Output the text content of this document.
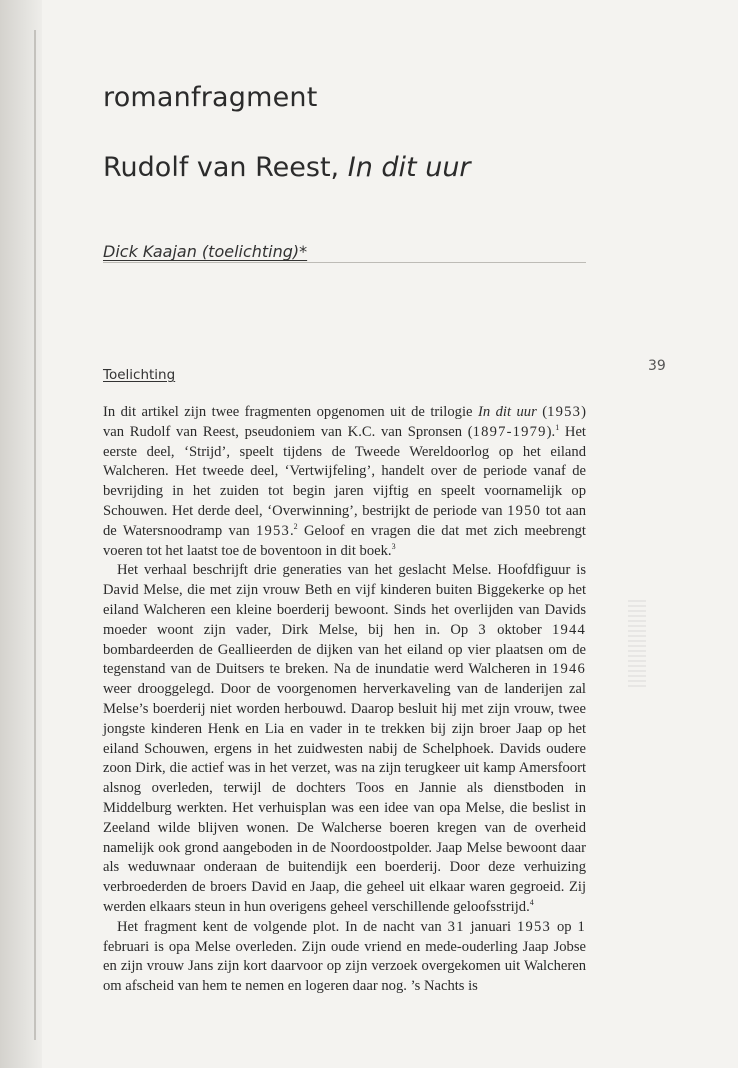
romanfragment
Rudolf van Reest, In dit uur

Dick Kaajan (toelichting)*

39
Toelichting

In dit artikel zijn twee fragmenten opgenomen uit de trilogie In dit uur (1953) van Rudolf van Reest, pseudoniem van K.C. van Spronsen (1897-1979).$^1$ Het eerste deel, ‘Strijd’, speelt tijdens de Tweede Wereldoorlog op het eiland Walcheren. Het tweede deel, ‘Vertwijfeling’, handelt over de periode vanaf de bevrijding in het zuiden tot begin jaren vijftig en speelt voornamelijk op Schouwen. Het derde deel, ‘Overwinning’, bestrijkt de periode van 1950 tot aan de Watersnoodramp van 1953.$^2$ Geloof en vragen die dat met zich meebrengt voeren tot het laatst toe de boventoon in dit boek.$^3$

Het verhaal beschrijft drie generaties van het geslacht Melse. Hoofdfiguur is David Melse, die met zijn vrouw Beth en vijf kinderen buiten Biggekerke op het eiland Walcheren een kleine boerderij bewoont. Sinds het overlijden van Davids moeder woont zijn vader, Dirk Melse, bij hen in. Op 3 oktober 1944 bombardeerden de Geallieerden de dijken van het eiland op vier plaatsen om de tegenstand van de Duitsers te breken. Na de inundatie werd Walcheren in 1946 weer drooggelegd. Door de voorgenomen herverkaveling van de landerijen zal Melse’s boerderij niet worden herbouwd. Daarop besluit hij met zijn vrouw, twee jongste kinderen Henk en Lia en vader in te trekken bij zijn broer Jaap op het eiland Schouwen, ergens in het zuidwesten nabij de Schelphoek. Davids oudere zoon Dirk, die actief was in het verzet, was na zijn terugkeer uit kamp Amersfoort alsnog overleden, terwijl de dochters Toos en Jannie als dienstboden in Middelburg werkten. Het verhuisplan was een idee van opa Melse, die beslist in Zeeland wilde blijven wonen. De Walcherse boeren kregen van de overheid namelijk ook grond aangeboden in de Noordoostpolder. Jaap Melse bewoont daar als weduwnaar onderaan de buitendijk een boerderij. Door deze verhuizing verbroederden de broers David en Jaap, die geheel uit elkaar waren gegroeid. Zij werden elkaars steun in hun overigens geheel verschillende geloofsstrijd.$^4$

Het fragment kent de volgende plot. In de nacht van 31 januari 1953 op 1 februari is opa Melse overleden. Zijn oude vriend en mede-ouderling Jaap Jobse en zijn vrouw Jans zijn kort daarvoor op zijn verzoek overgekomen uit Walcheren om afscheid van hem te nemen en logeren daar nog. ’s Nachts is
